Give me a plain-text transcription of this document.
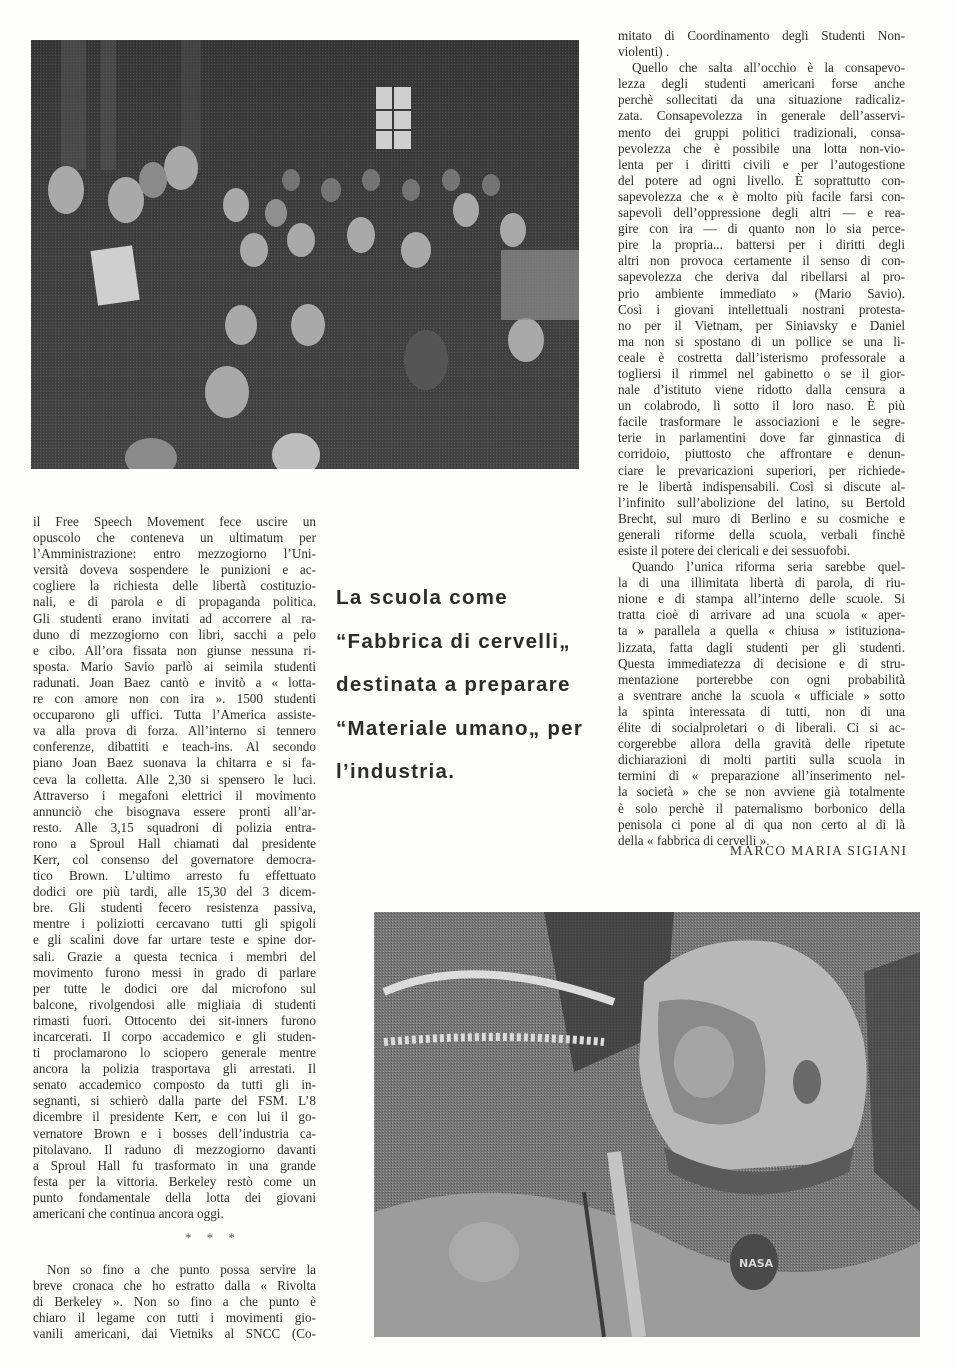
il Free Speech Movement fece uscire un
opuscolo che conteneva un ultimatum per
l’Amministrazione: entro mezzogiorno l’Uni-
versità doveva sospendere le punizioni e ac-
cogliere la richiesta delle libertà costituzio-
nali, e di parola e di propaganda politica.
Gli studenti erano invitati ad accorrere al ra-
duno di mezzogiorno con libri, sacchi a pelo
e cibo. All’ora fissata non giunse nessuna ri-
sposta. Mario Savio parlò ai seimila studenti
radunati. Joan Baez cantò e invitò a « lotta-
re con amore non con ira ». 1500 studenti
occuparono gli uffici. Tutta l’America assiste-
va alla prova di forza. All’interno si tennero
conferenze, dibattiti e teach-ins. Al secondo
piano Joan Baez suonava la chitarra e si fa-
ceva la colletta. Alle 2,30 si spensero le luci.
Attraverso i megafoni elettrici il movimento
annunciò che bisognava essere pronti all’ar-
resto. Alle 3,15 squadroni di polizia entra-
rono a Sproul Hall chiamati dal presidente
Kerr, col consenso del governatore democra-
tico Brown. L’ultimo arresto fu effettuato
dodici ore più tardi, alle 15,30 del 3 dicem-
bre. Gli studenti fecero resistenza passiva,
mentre i poliziotti cercavano tutti gli spigoli
e gli scalini dove far urtare teste e spine dor-
sali. Grazie a questa tecnica i membri del
movimento furono messi in grado di parlare
per tutte le dodici ore dal microfono sul
balcone, rivolgendosi alle migliaia di studenti
rimasti fuori. Ottocento dei sit-inners furono
incarcerati. Il corpo accademico e gli studen-
ti proclamarono lo sciopero generale mentre
ancora la polizia trasportava gli arrestati. Il
senato accademico composto da tutti gli in-
segnanti, si schierò dalla parte del FSM. L’8
dicembre il presidente Kerr, e con lui il go-
vernatore Brown e i bosses dell’industria ca-
pitolavano. Il raduno di mezzogiorno davanti
a Sproul Hall fu trasformato in una grande
festa per la vittoria. Berkeley restò come un
punto fondamentale della lotta dei giovani
americani che continua ancora oggi.
* * *
Non so fino a che punto possa servire la
breve cronaca che ho estratto dalla « Rivolta
di Berkeley ». Non so fino a che punto è
chiaro il legame con tutti i movimenti gio-
vanili americani, dai Vietniks al SNCC (Co-
La scuola come
“Fabbrica di cervelli„
destinata a preparare
“Materiale umano„ per
l’industria.
mitato di Coordinamento degli Studenti Non-
violenti) .
Quello che salta all’occhio è la consapevo-
lezza degli studenti americani forse anche
perchè sollecitati da una situazione radicaliz-
zata. Consapevolezza in generale dell’asservi-
mento dei gruppi politici tradizionali, consa-
pevolezza che è possibile una lotta non-vio-
lenta per i diritti civili e per l’autogestione
del potere ad ogni livello. È soprattutto con-
sapevolezza che « è molto più facile farsi con-
sapevoli dell’oppressione degli altri — e rea-
gire con ira — di quanto non lo sia perce-
pire la propria... battersi per i diritti degli
altri non provoca certamente il senso di con-
sapevolezza che deriva dal ribellarsi al pro-
prio ambiente immediato » (Mario Savio).
Così i giovani intellettuali nostrani protesta-
no per il Vietnam, per Siniavsky e Daniel
ma non si spostano di un pollice se una li-
ceale è costretta dall’isterismo professorale a
togliersi il rimmel nel gabinetto o se il gior-
nale d’istituto viene ridotto dalla censura a
un colabrodo, lì sotto il loro naso. È più
facile trasformare le associazioni e le segre-
terie in parlamentini dove far ginnastica di
corridoio, piuttosto che affrontare e denun-
ciare le prevaricazioni superiori, per richiede-
re le libertà indispensabili. Così si discute al-
l’infinito sull’abolizione del latino, su Bertold
Brecht, sul muro di Berlino e su cosmiche e
generali riforme della scuola, verbali finchè
esiste il potere dei clericali e dei sessuofobi.
Quando l’unica riforma seria sarebbe quel-
la di una illimitata libertà di parola, di riu-
nione e di stampa all’interno delle scuole. Si
tratta cioè di arrivare ad una scuola « aper-
ta » parallela a quella « chiusa » istituziona-
lizzata, fatta dagli studenti per gli studenti.
Questa immediatezza di decisione e di stru-
mentazione porterebbe con ogni probabilità
a sventrare anche la scuola « ufficiale » sotto
la spinta interessata di tutti, non di una
élite di socialproletari o di liberali. Ci si ac-
corgerebbe allora della gravità delle ripetute
dichiarazioni di molti partiti sulla scuola in
termini di « preparazione all’inserimento nel-
la società » che se non avviene già totalmente
è solo perchè il paternalismo borbonico della
penisola ci pone al di qua non certo al di là
della « fabbrica di cervelli ».
MARCO MARIA SIGIANI
NASA
